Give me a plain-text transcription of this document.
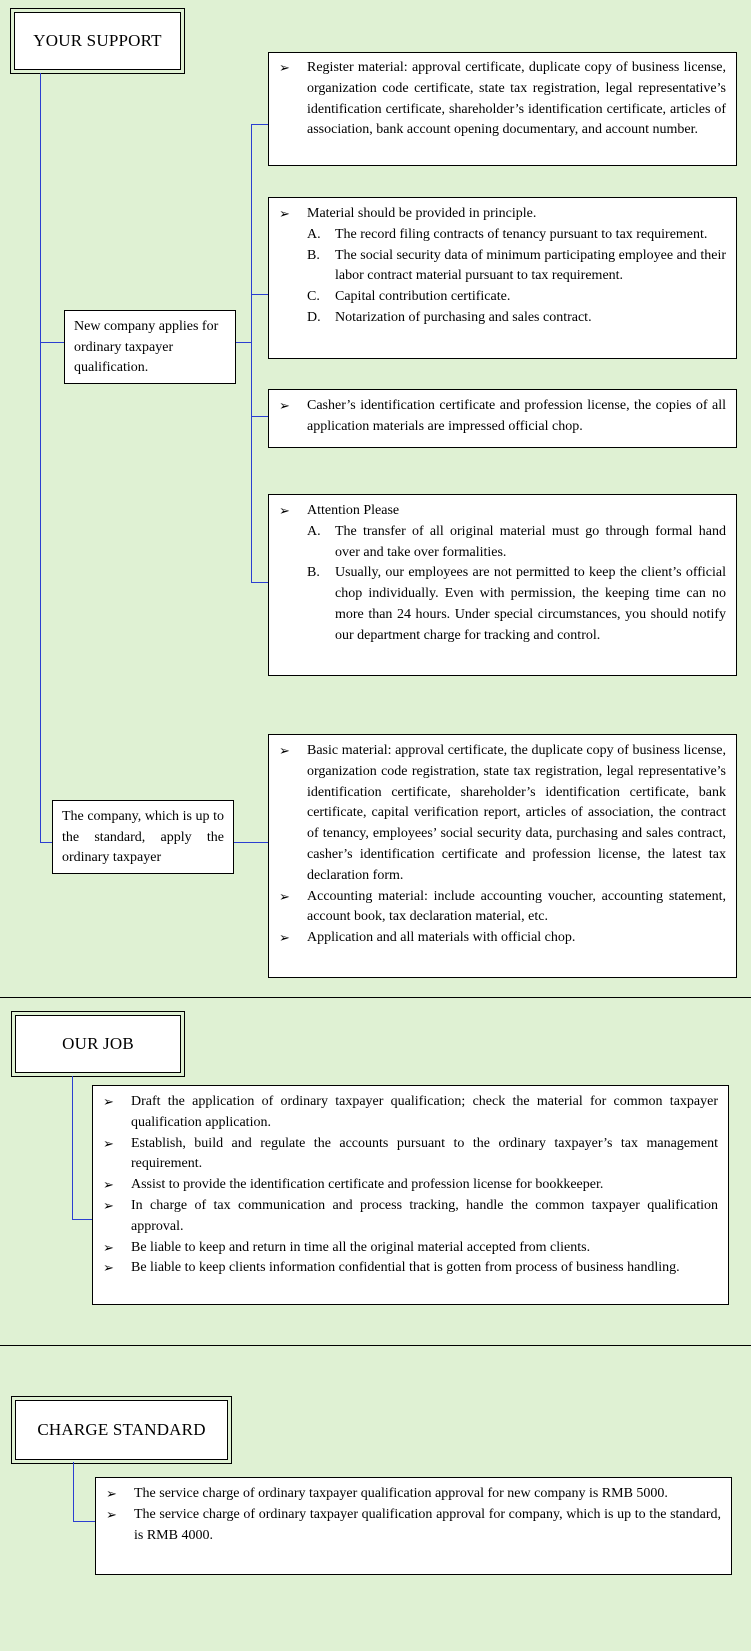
YOUR SUPPORT
New company applies for ordinary taxpayer qualification.
The company, which is up to the standard, apply the ordinary taxpayer
➢	Register material: approval certificate, duplicate copy of business license, organization code certificate, state tax registration, legal representative’s identification certificate, shareholder’s identification certificate, articles of association, bank account opening documentary, and account number.
➢	Material should be provided in principle.
A.	The record filing contracts of tenancy pursuant to tax requirement.
B.	The social security data of minimum participating employee and their labor contract material pursuant to tax requirement.
C.	Capital contribution certificate.
D.	Notarization of purchasing and sales contract.
➢	Casher’s identification certificate and profession license, the copies of all application materials are impressed official chop.
➢	Attention Please
A.	The transfer of all original material must go through formal hand over and take over formalities.
B.	Usually, our employees are not permitted to keep the client’s official chop individually. Even with permission, the keeping time can no more than 24 hours. Under special circumstances, you should notify our department charge for tracking and control.
➢	Basic material: approval certificate, the duplicate copy of business license, organization code registration, state tax registration, legal representative’s identification certificate, shareholder’s identification certificate, bank certificate, capital verification report, articles of association, the contract of tenancy, employees’ social security data, purchasing and sales contract, casher’s identification certificate and profession license, the latest tax declaration form.
➢	Accounting material: include accounting voucher, accounting statement, account book, tax declaration material, etc.
➢	Application and all materials with official chop.
OUR JOB
➢	Draft the application of ordinary taxpayer qualification; check the material for common taxpayer qualification application.
➢	Establish, build and regulate the accounts pursuant to the ordinary taxpayer’s tax management requirement.
➢	Assist to provide the identification certificate and profession license for bookkeeper.
➢	In charge of tax communication and process tracking, handle the common taxpayer qualification approval.
➢	Be liable to keep and return in time all the original material accepted from clients.
➢	Be liable to keep clients information confidential that is gotten from process of business handling.
CHARGE STANDARD
➢	The service charge of ordinary taxpayer qualification approval for new company is RMB 5000.
➢	The service charge of ordinary taxpayer qualification approval for company, which is up to the standard, is RMB 4000.
